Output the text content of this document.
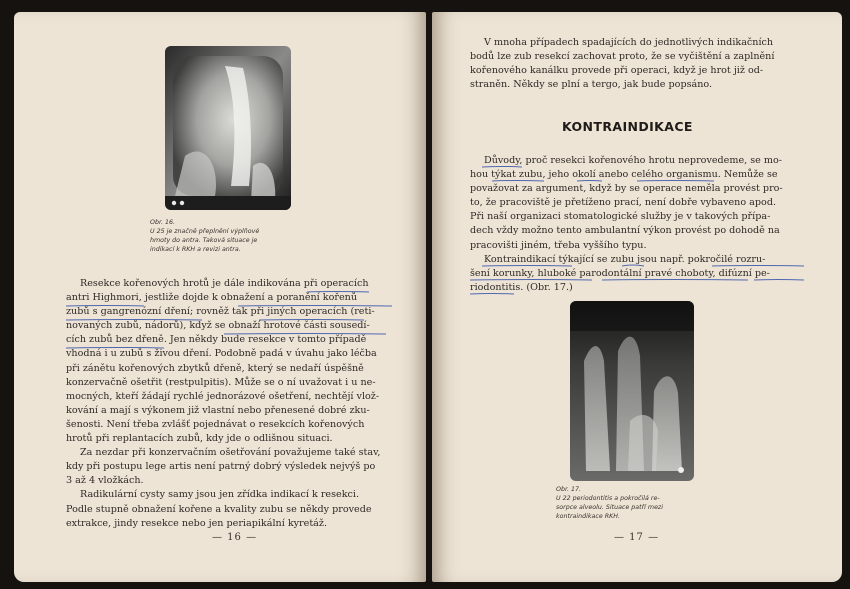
Obr. 16.
U 25 je značně přeplnění výplňové
hmoty do antra. Taková situace je
indikací k RKH a revizi antra.
Resekce kořenových hrotů je dále indikována při operacích
antri Highmori, jestliže dojde k obnažení a poranění kořenů
zubů s gangrenózní dření; rovněž tak při jiných operacích (reti-
novaných zubů, nádorů), když se obnaží hrotové části sousedí-
cích zubů bez dřeně. Jen někdy bude resekce v tomto případě
vhodná i u zubů s živou dření. Podobně padá v úvahu jako léčba
při zánětu kořenových zbytků dřeně, který se nedaří úspěšně
konzervačně ošetřit (restpulpitis). Může se o ní uvažovat i u ne-
mocných, kteří žádají rychlé jednorázové ošetření, nechtějí vlož-
kování a mají s výkonem již vlastní nebo přenesené dobré zku-
šenosti. Není třeba zvlášť pojednávat o resekcích kořenových
hrotů při replantacích zubů, kdy jde o odlišnou situaci.
Za nezdar při konzervačním ošetřování považujeme také stav,
kdy při postupu lege artis není patrný dobrý výsledek nejvýš po
3 až 4 vložkách.
Radikulární cysty samy jsou jen zřídka indikací k resekci.
Podle stupně obnažení kořene a kvality zubu se někdy provede
extrakce, jindy resekce nebo jen periapikální kyretáž.
— 16 —
V mnoha případech spadajících do jednotlivých indikačních
bodů lze zub resekcí zachovat proto, že se vyčištění a zaplnění
kořenového kanálku provede při operaci, když je hrot již od-
straněn. Někdy se plní a tergo, jak bude popsáno.
KONTRAINDIKACE
Důvody, proč resekci kořenového hrotu neprovedeme, se mo-
hou týkat zubu, jeho okolí anebo celého organismu. Nemůže se
považovat za argument, když by se operace neměla provést pro-
to, že pracoviště je přetíženo prací, není dobře vybaveno apod.
Při naší organizaci stomatologické služby je v takových přípa-
dech vždy možno tento ambulantní výkon provést po dohodě na
pracovišti jiném, třeba vyššího typu.
Kontraindikací týkající se zubu jsou např. pokročilé rozru-
šení korunky, hluboké parodontální pravé choboty, difúzní pe-
riodontitis. (Obr. 17.)
Obr. 17.
U 22 periodontitis a pokročilá re-
sorpce alveolu. Situace patří mezi
kontraindikace RKH.
— 17 —
